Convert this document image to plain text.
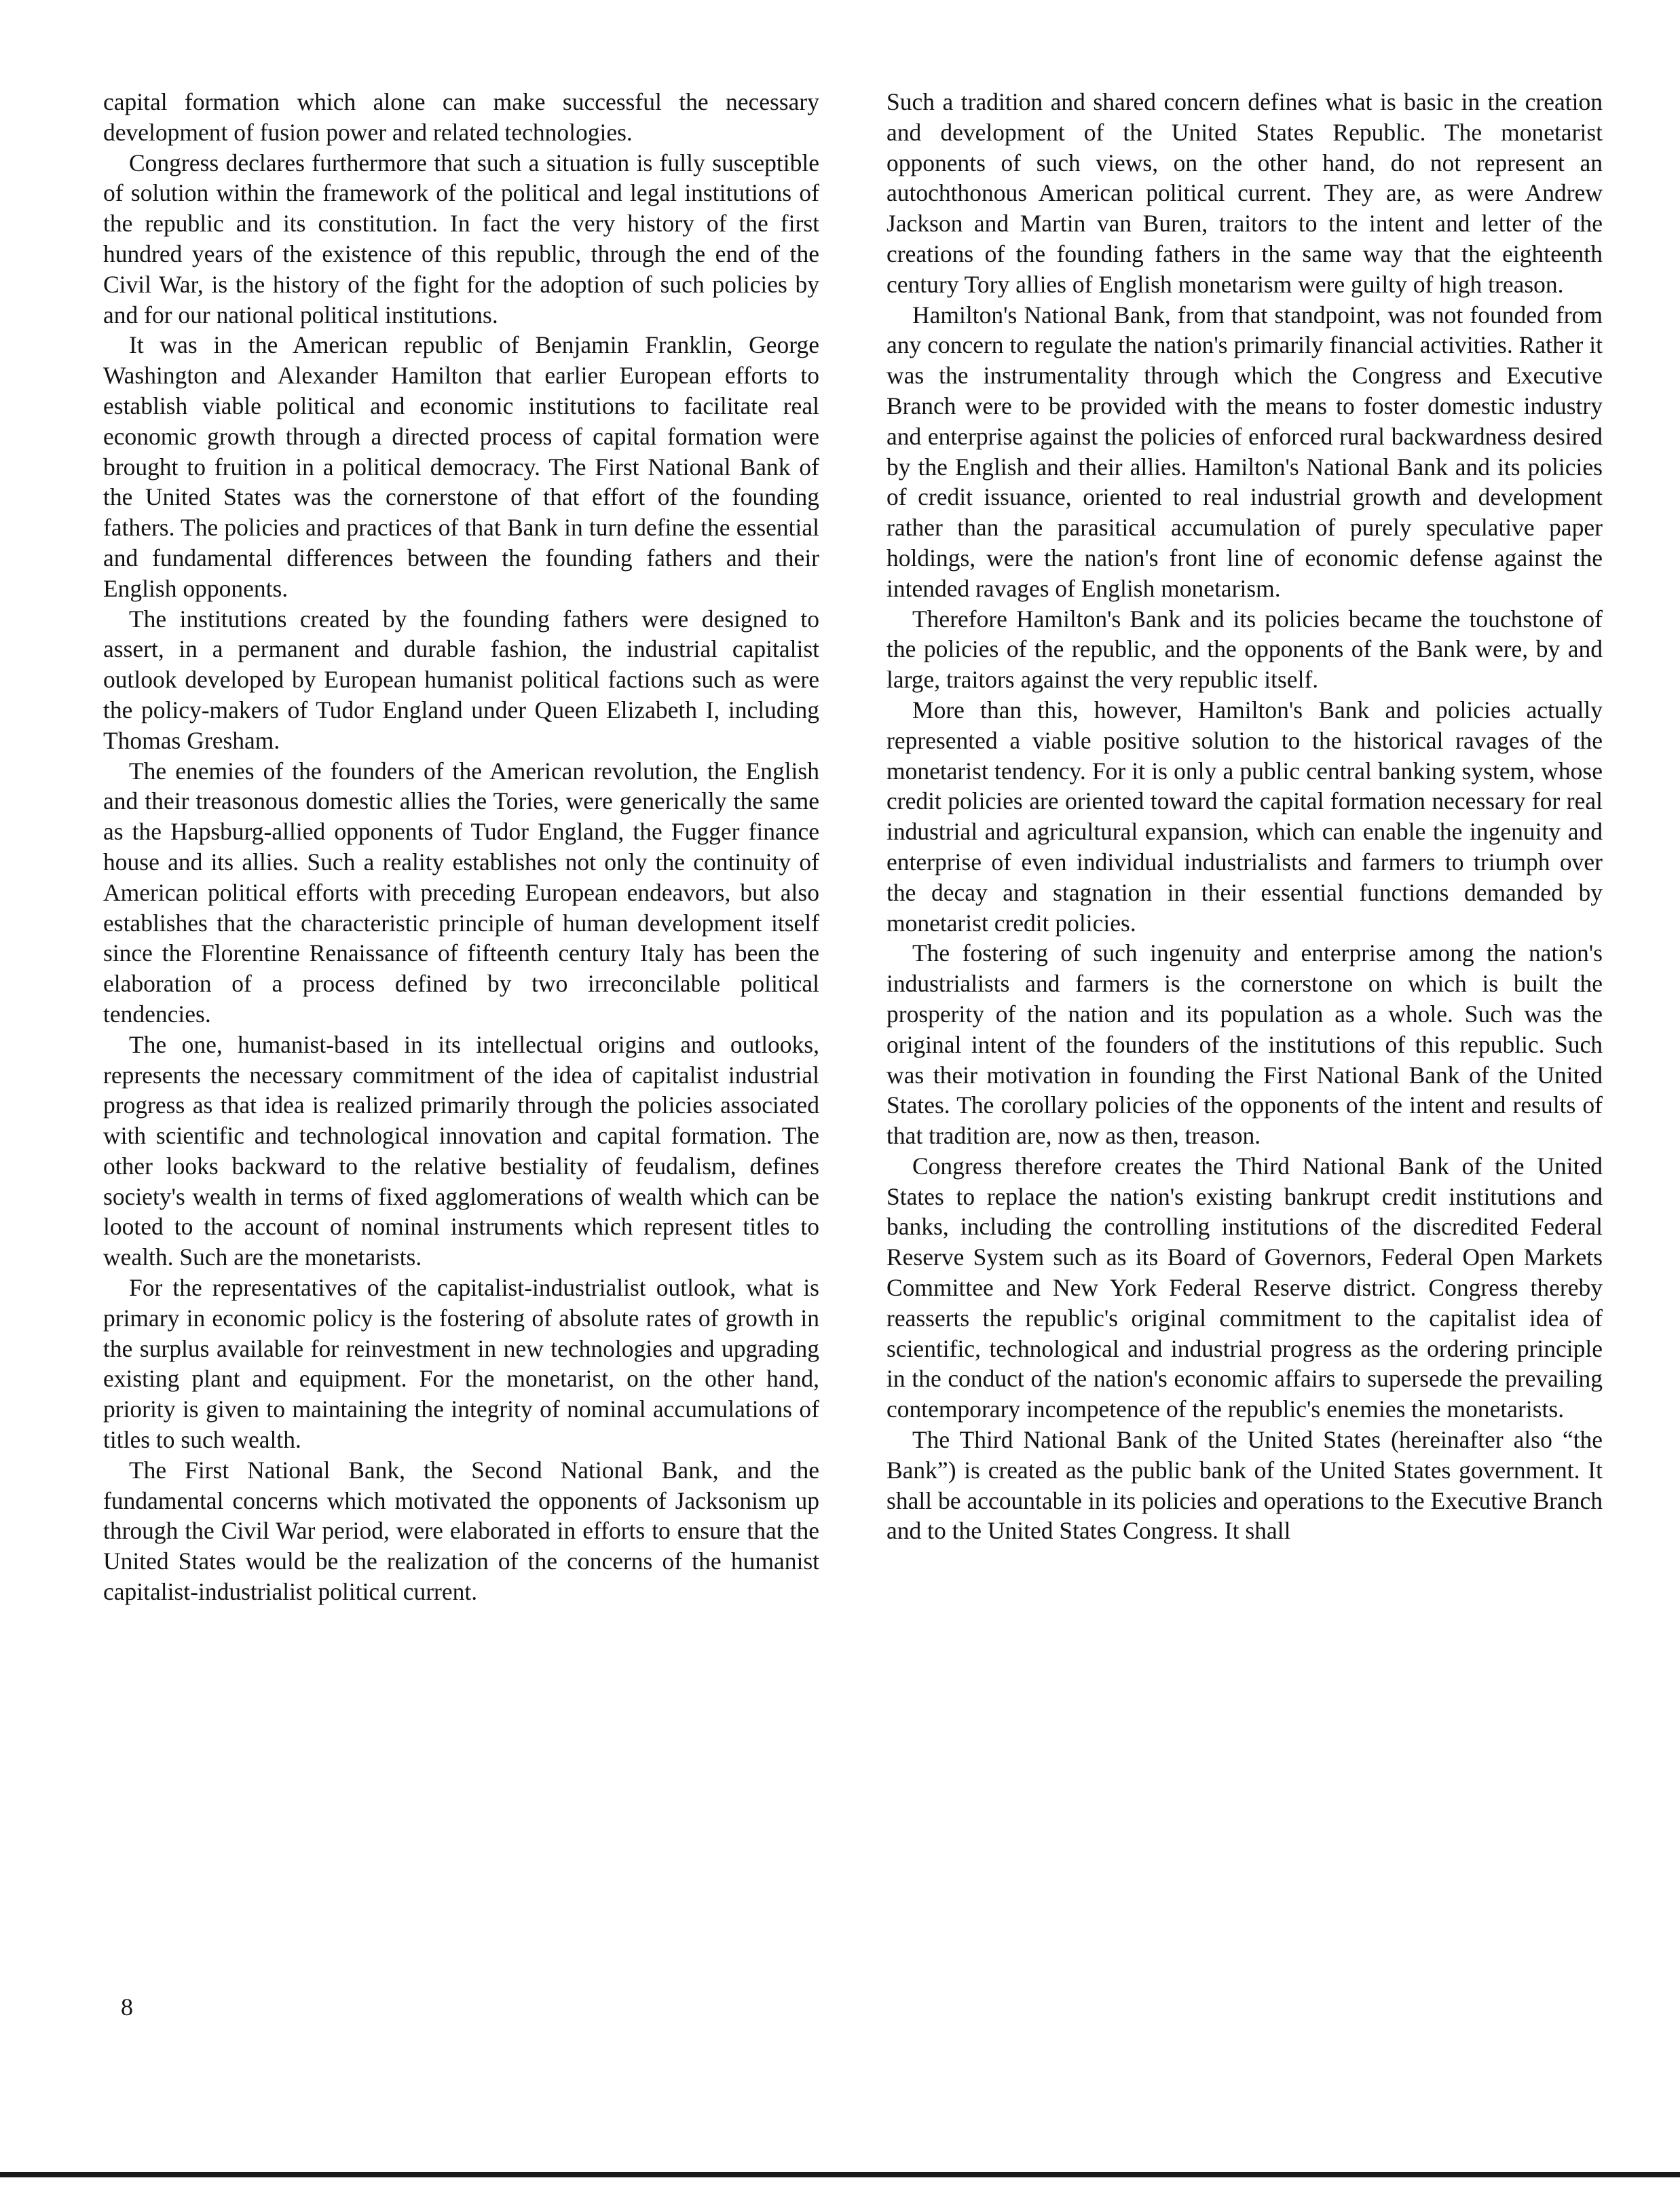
capital formation which alone can make successful the necessary development of fusion power and related technologies.

Congress declares furthermore that such a situation is fully susceptible of solution within the framework of the political and legal institutions of the republic and its constitution. In fact the very history of the first hundred years of the existence of this republic, through the end of the Civil War, is the history of the fight for the adoption of such policies by and for our national political institutions.

It was in the American republic of Benjamin Franklin, George Washington and Alexander Hamilton that earlier European efforts to establish viable political and economic institutions to facilitate real economic growth through a directed process of capital formation were brought to fruition in a political democracy. The First National Bank of the United States was the cornerstone of that effort of the founding fathers. The policies and practices of that Bank in turn define the essential and fundamental differences between the founding fathers and their English opponents.

The institutions created by the founding fathers were designed to assert, in a permanent and durable fashion, the industrial capitalist outlook developed by European humanist political factions such as were the policy-makers of Tudor England under Queen Elizabeth I, including Thomas Gresham.

The enemies of the founders of the American revolution, the English and their treasonous domestic allies the Tories, were generically the same as the Hapsburg-allied opponents of Tudor England, the Fugger finance house and its allies. Such a reality establishes not only the continuity of American political efforts with preceding European endeavors, but also establishes that the characteristic principle of human development itself since the Florentine Renaissance of fifteenth century Italy has been the elaboration of a process defined by two irreconcilable political tendencies.

The one, humanist-based in its intellectual origins and outlooks, represents the necessary commitment of the idea of capitalist industrial progress as that idea is realized primarily through the policies associated with scientific and technological innovation and capital formation. The other looks backward to the relative bestiality of feudalism, defines society's wealth in terms of fixed agglomerations of wealth which can be looted to the account of nominal instruments which represent titles to wealth. Such are the monetarists.

For the representatives of the capitalist-industrialist outlook, what is primary in economic policy is the fostering of absolute rates of growth in the surplus available for reinvestment in new technologies and upgrading existing plant and equipment. For the monetarist, on the other hand, priority is given to maintaining the integrity of nominal accumulations of titles to such wealth.

The First National Bank, the Second National Bank, and the fundamental concerns which motivated the opponents of Jacksonism up through the Civil War period, were elaborated in efforts to ensure that the United States would be the realization of the concerns of the humanist capitalist-industrialist political current.

Such a tradition and shared concern defines what is basic in the creation and development of the United States Republic. The monetarist opponents of such views, on the other hand, do not represent an autochthonous American political current. They are, as were Andrew Jackson and Martin van Buren, traitors to the intent and letter of the creations of the founding fathers in the same way that the eighteenth century Tory allies of English monetarism were guilty of high treason.

Hamilton's National Bank, from that standpoint, was not founded from any concern to regulate the nation's primarily financial activities. Rather it was the instrumentality through which the Congress and Executive Branch were to be provided with the means to foster domestic industry and enterprise against the policies of enforced rural backwardness desired by the English and their allies. Hamilton's National Bank and its policies of credit issuance, oriented to real industrial growth and development rather than the parasitical accumulation of purely speculative paper holdings, were the nation's front line of economic defense against the intended ravages of English monetarism.

Therefore Hamilton's Bank and its policies became the touchstone of the policies of the republic, and the opponents of the Bank were, by and large, traitors against the very republic itself.

More than this, however, Hamilton's Bank and policies actually represented a viable positive solution to the historical ravages of the monetarist tendency. For it is only a public central banking system, whose credit policies are oriented toward the capital formation necessary for real industrial and agricultural expansion, which can enable the ingenuity and enterprise of even individual industrialists and farmers to triumph over the decay and stagnation in their essential functions demanded by monetarist credit policies.

The fostering of such ingenuity and enterprise among the nation's industrialists and farmers is the cornerstone on which is built the prosperity of the nation and its population as a whole. Such was the original intent of the founders of the institutions of this republic. Such was their motivation in founding the First National Bank of the United States. The corollary policies of the opponents of the intent and results of that tradition are, now as then, treason.

Congress therefore creates the Third National Bank of the United States to replace the nation's existing bankrupt credit institutions and banks, including the controlling institutions of the discredited Federal Reserve System such as its Board of Governors, Federal Open Markets Committee and New York Federal Reserve district. Congress thereby reasserts the republic's original commitment to the capitalist idea of scientific, technological and industrial progress as the ordering principle in the conduct of the nation's economic affairs to supersede the prevailing contemporary incompetence of the republic's enemies the monetarists.

The Third National Bank of the United States (hereinafter also “the Bank”) is created as the public bank of the United States government. It shall be accountable in its policies and operations to the Executive Branch and to the United States Congress. It shall

8
